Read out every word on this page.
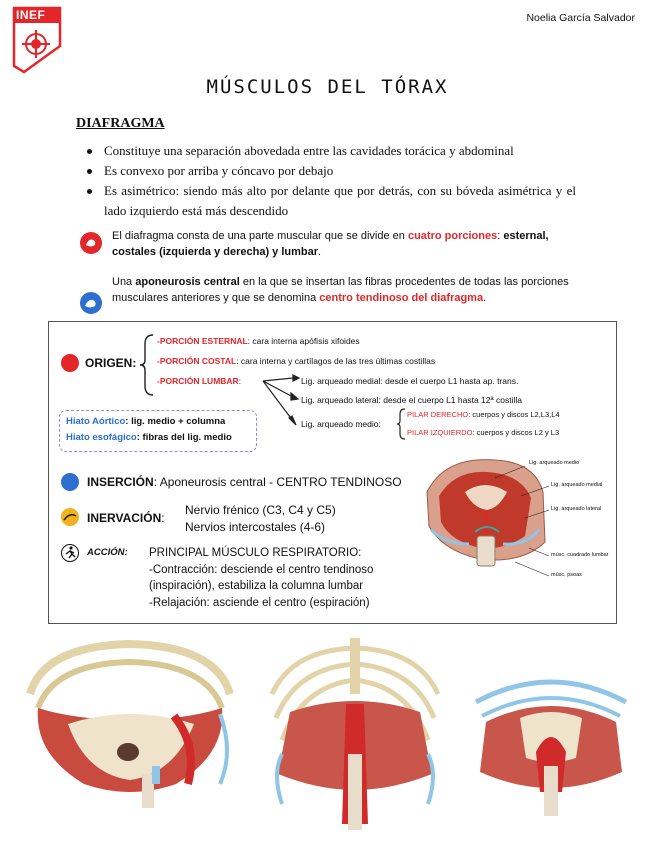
INEF	Noelia García Salvador
MÚSCULOS DEL TÓRAX
DIAFRAGMA
Constituye una separación abovedada entre las cavidades torácica y abdominal
Es convexo por arriba y cóncavo por debajo
Es asimétrico: siendo más alto por delante que por detrás, con su bóveda asimétrica y el lado izquierdo está más descendido
El diafragma consta de una parte muscular que se divide en cuatro porciones: esternal, costales (izquierda y derecha) y lumbar.
Una aponeurosis central en la que se insertan las fibras procedentes de todas las porciones musculares anteriores y que se denomina centro tendinoso del diafragma.
ORIGEN:
-PORCIÓN ESTERNAL: cara interna apófisis xifoides
-PORCIÓN COSTAL: cara interna y cartílagos de las tres últimas costillas
-PORCIÓN LUMBAR:	Lig. arqueado medial: desde el cuerpo L1 hasta ap. trans.
Lig. arqueado lateral: desde el cuerpo L1 hasta 12ª costilla
Lig. arqueado medio:
PILAR DERECHO: cuerpos y discos L2,L3,L4
PILAR IZQUIERDO: cuerpos y discos L2 y L3
Hiato Aórtico: lig. medio + columna
Hiato esofágico: fibras del lig. medio
INSERCIÓN: Aponeurosis central - CENTRO TENDINOSO
INERVACIÓN:
Nervio frénico (C3, C4 y C5)
Nervios intercostales (4-6)
ACCIÓN: PRINCIPAL MÚSCULO RESPIRATORIO:
-Contracción: desciende el centro tendinoso
(inspiración), estabiliza la columna lumbar
-Relajación: asciende el centro (espiración)
Lig. arqueado medio
Lig. arqueado medial
Lig. arqueado lateral
músc. cuadrado lumbar
músc. psoas
